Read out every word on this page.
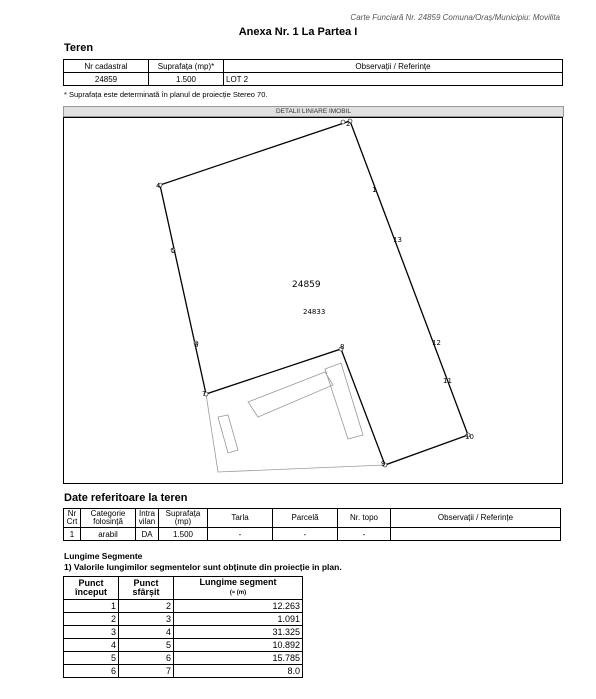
Carte Funciară Nr. 24859 Comuna/Oraș/Municipiu: Movilita
Anexa Nr. 1 La Partea I
Teren
Nr cadastral	Suprafața (mp)*	Observații / Referințe
24859	1.500	LOT 2
* Suprafața este determinată în planul de proiecție Stereo 70.
DETALII LINIARE IMOBIL
2
1
4
5
6
7
8
9
10
11
12
13
24859
24833
Date referitoare la teren
Nr Crt	Categorie folosință	Intra vilan	Suprafața (mp)	Tarla	Parcelă	Nr. topo	Observații / Referințe
1	arabil	DA	1.500	-	-	-	
Lungime Segmente
1) Valorile lungimilor segmentelor sunt obținute din proiecție in plan.
Punct început	Punct sfârșit	Lungime segment
(≈ (m)
1	2	12.263
2	3	1.091
3	4	31.325
4	5	10.892
5	6	15.785
6	7	8.0
